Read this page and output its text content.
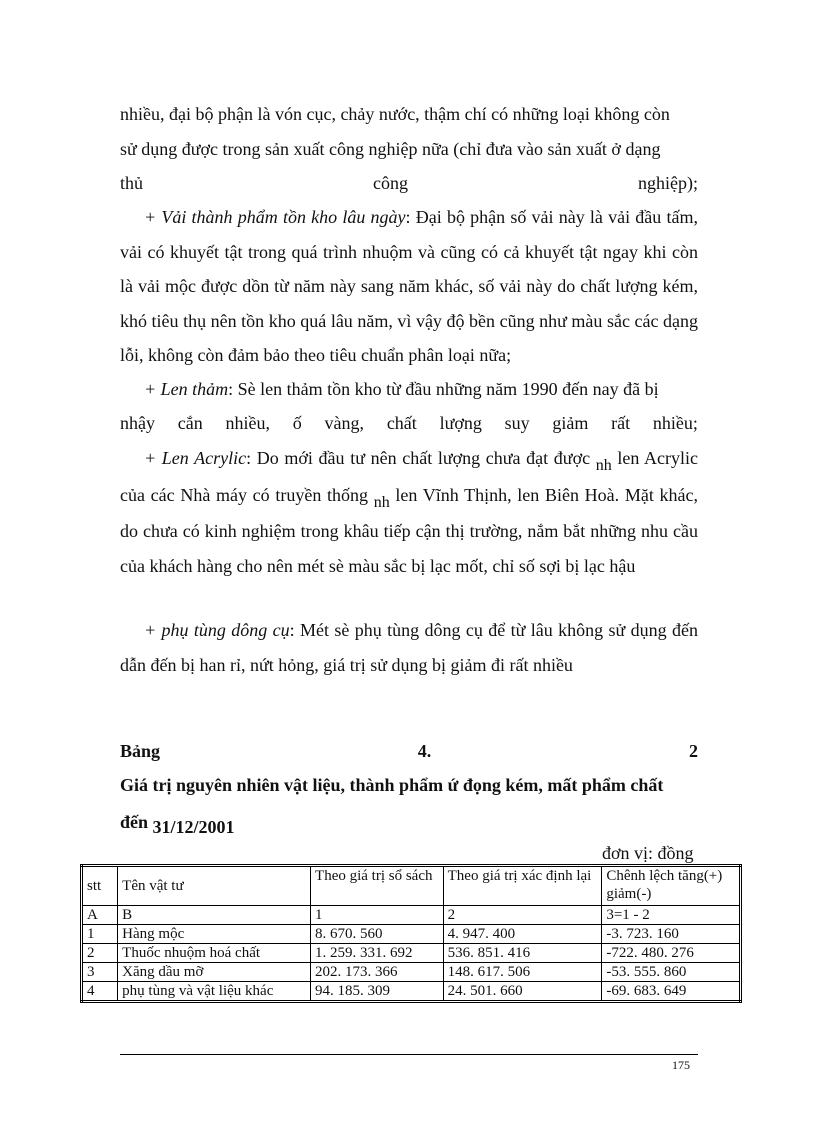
nhiều, đại bộ phận là vón cục, chảy nước, thậm chí có những loại không còn
sử dụng được trong sản xuất công nghiệp nữa (chỉ đưa vào sản xuất ở dạng
thủ	công	nghiệp);
+ Vải thành phẩm tồn kho lâu ngày: Đại bộ phận số vải này là vải đầu tấm, vải có khuyết tật trong quá trình nhuộm và cũng có cả khuyết tật ngay khi còn là vải mộc được dồn từ năm này sang năm khác, số vải này do chất lượng kém, khó tiêu thụ nên tồn kho quá lâu năm, vì vậy độ bền cũng như màu sắc các dạng lỗi, không còn đảm bảo theo tiêu chuẩn phân loại nữa;
+ Len thảm: Sè len thảm tồn kho từ đầu những năm 1990 đến nay đã bị
nhậy cắn nhiều, ố vàng, chất lượng suy giảm rất nhiều;
+ Len Acrylic: Do mới đầu tư nên chất lượng chưa đạt được nh len Acrylic của các Nhà máy có truyền thống nh len Vĩnh Thịnh, len Biên Hoà. Mặt khác, do chưa có kinh nghiệm trong khâu tiếp cận thị trường, nắm bắt những nhu cầu của khách hàng cho nên mét sè màu sắc bị lạc mốt, chỉ số sợi bị lạc hậu
+ phụ tùng dông cụ: Mét sè phụ tùng dông cụ để từ lâu không sử dụng đến dẫn đến bị han rỉ, nứt hỏng, giá trị sử dụng bị giảm đi rất nhiều
Bảng	4.	2
Giá trị nguyên nhiên vật liệu, thành phẩm ứ đọng kém, mất phẩm chất
đến 31/12/2001
đơn vị: đồng
stt	Tên vật tư	Theo giá trị sổ sách	Theo giá trị xác định lại	Chênh lệch tăng(+) giảm(-)
A	B	1	2	3=1 - 2
1	Hàng mộc	8. 670. 560	4. 947. 400	-3. 723. 160
2	Thuốc nhuộm hoá chất	1. 259. 331. 692	536. 851. 416	-722. 480. 276
3	Xăng dầu mỡ	202. 173. 366	148. 617. 506	-53. 555. 860
4	phụ tùng và vật liệu khác	94. 185. 309	24. 501. 660	-69. 683. 649
175
